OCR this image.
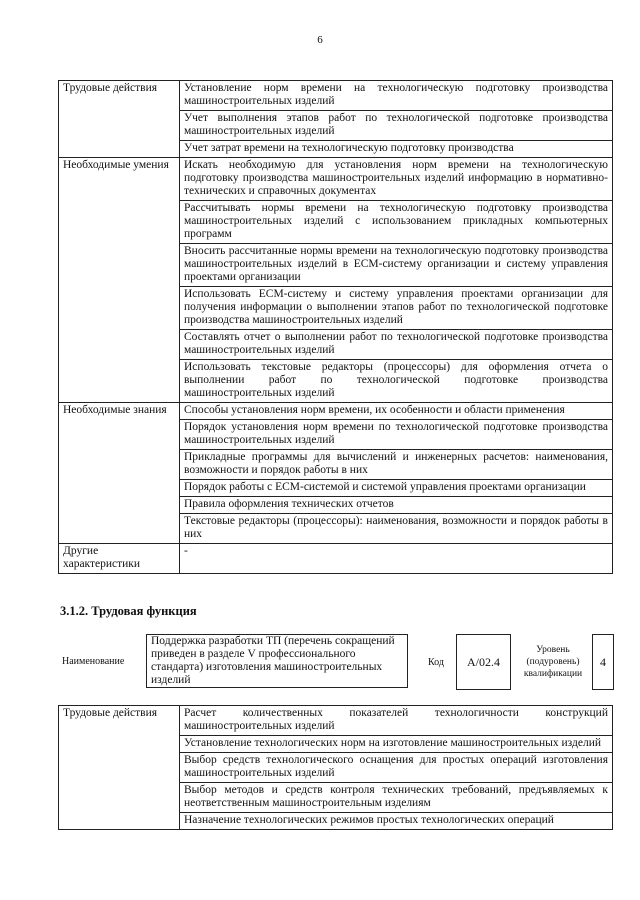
6
Трудовые действия	Установление норм времени на технологическую подготовку производства машиностроительных изделий
	Учет выполнения этапов работ по технологической подготовке производства машиностроительных изделий
	Учет затрат времени на технологическую подготовку производства
Необходимые умения	Искать необходимую для установления норм времени на технологическую подготовку производства машиностроительных изделий информацию в нормативно-технических и справочных документах
	Рассчитывать нормы времени на технологическую подготовку производства машиностроительных изделий с использованием прикладных компьютерных программ
	Вносить рассчитанные нормы времени на технологическую подготовку производства машиностроительных изделий в ECM-систему организации и систему управления проектами организации
	Использовать ECM-систему и систему управления проектами организации для получения информации о выполнении этапов работ по технологической подготовке производства машиностроительных изделий
	Составлять отчет о выполнении работ по технологической подготовке производства машиностроительных изделий
	Использовать текстовые редакторы (процессоры) для оформления отчета о выполнении работ по технологической подготовке производства машиностроительных изделий
Необходимые знания	Способы установления норм времени, их особенности и области применения
	Порядок установления норм времени по технологической подготовке производства машиностроительных изделий
	Прикладные программы для вычислений и инженерных расчетов: наименования, возможности и порядок работы в них
	Порядок работы с ECM-системой и системой управления проектами организации
	Правила оформления технических отчетов
	Текстовые редакторы (процессоры): наименования, возможности и порядок работы в них
Другие характеристики	-
3.1.2. Трудовая функция
Наименование
Поддержка разработки ТП (перечень сокращений приведен в разделе V профессионального стандарта) изготовления машиностроительных изделий
Код	A/02.4
Уровень (подуровень) квалификации
4
Трудовые действия	Расчет количественных показателей технологичности конструкций машиностроительных изделий
Установление технологических норм на изготовление машиностроительных изделий
Выбор средств технологического оснащения для простых операций изготовления машиностроительных изделий
Выбор методов и средств контроля технических требований, предъявляемых к неответственным машиностроительным изделиям
Назначение технологических режимов простых технологических операций
